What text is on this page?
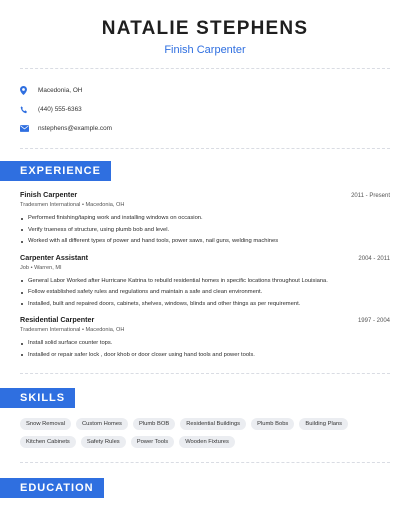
NATALIE STEPHENS
Finish Carpenter
Macedonia, OH
(440) 555-6363
nstephens@example.com
EXPERIENCE
Finish Carpenter	2011 - Present
Tradesmen International • Macedonia, OH
Performed finishing/taping work and installing windows on occasion.
Verify trueness of structure, using plumb bob and level.
Worked with all different types of power and hand tools, power saws, nail guns, welding machines
Carpenter Assistant	2004 - 2011
Job • Warren, MI
General Labor Worked after Hurricane Katrina to rebuild residential homes in specific locations throughout Louisiana.
Follow established safety rules and regulations and maintain a safe and clean environment.
Installed, built and repaired doors, cabinets, shelves, windows, blinds and other things as per requirement.
Residential Carpenter	1997 - 2004
Tradesmen International • Macedonia, OH
Install solid surface counter tops.
Installed or repair safer lock , door khob or door closer using hand tools and power tools.
SKILLS
Snow Removal	Custom Homes	Plumb BOB	Residential Buildings	Plumb Bobs	Building Plans
Kitchen Cabinets	Safety Rules	Power Tools	Wooden Fixtures
EDUCATION
